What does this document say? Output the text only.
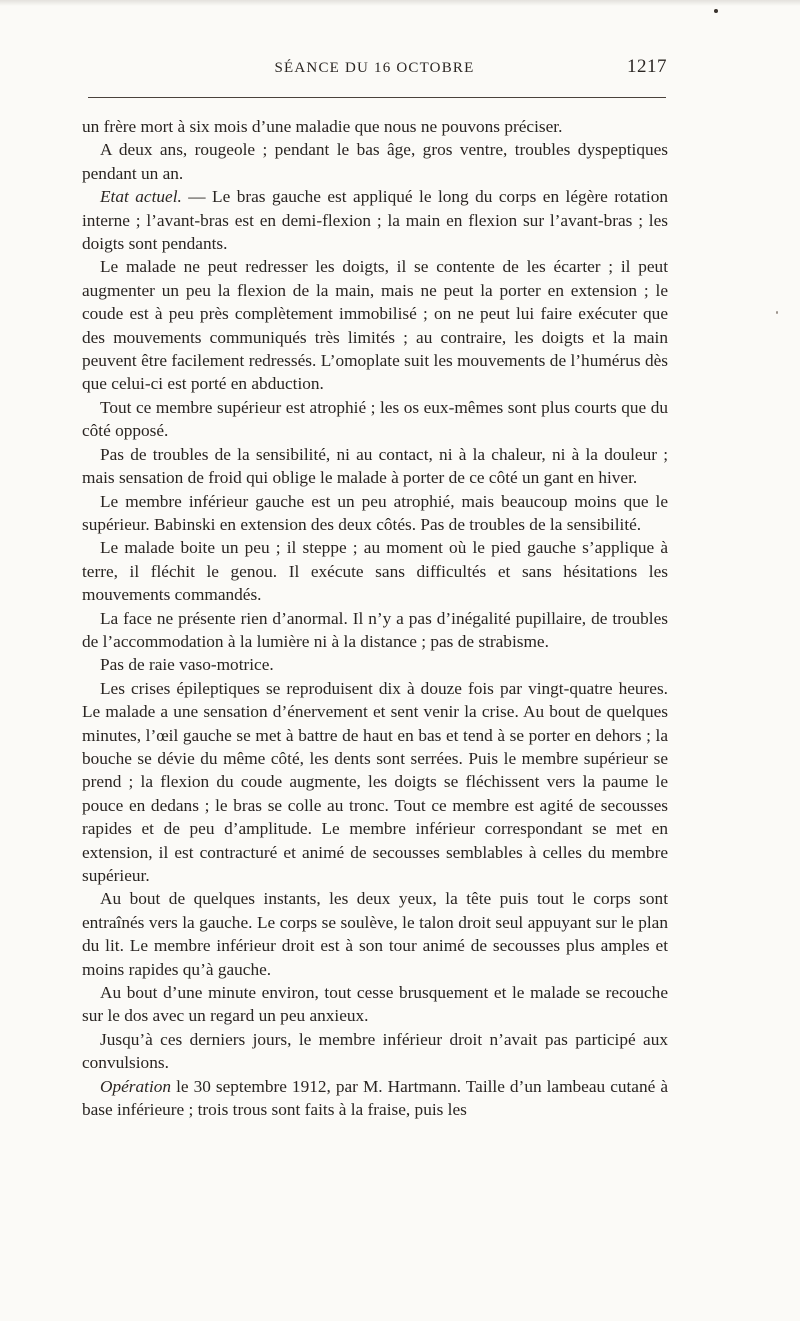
SÉANCE DU 16 OCTOBRE	1217

un frère mort à six mois d’une maladie que nous ne pouvons préciser.

A deux ans, rougeole ; pendant le bas âge, gros ventre, troubles dyspeptiques pendant un an.

Etat actuel. — Le bras gauche est appliqué le long du corps en légère rotation interne ; l’avant-bras est en demi-flexion ; la main en flexion sur l’avant-bras ; les doigts sont pendants.

Le malade ne peut redresser les doigts, il se contente de les écarter ; il peut augmenter un peu la flexion de la main, mais ne peut la porter en extension ; le coude est à peu près complètement immobilisé ; on ne peut lui faire exécuter que des mouvements communiqués très limités ; au contraire, les doigts et la main peuvent être facilement redressés. L’omoplate suit les mouvements de l’humérus dès que celui-ci est porté en abduction.

Tout ce membre supérieur est atrophié ; les os eux-mêmes sont plus courts que du côté opposé.

Pas de troubles de la sensibilité, ni au contact, ni à la chaleur, ni à la douleur ; mais sensation de froid qui oblige le malade à porter de ce côté un gant en hiver.

Le membre inférieur gauche est un peu atrophié, mais beaucoup moins que le supérieur. Babinski en extension des deux côtés. Pas de troubles de la sensibilité.

Le malade boite un peu ; il steppe ; au moment où le pied gauche s’applique à terre, il fléchit le genou. Il exécute sans difficultés et sans hésitations les mouvements commandés.

La face ne présente rien d’anormal. Il n’y a pas d’inégalité pupillaire, de troubles de l’accommodation à la lumière ni à la distance ; pas de strabisme.

Pas de raie vaso-motrice.

Les crises épileptiques se reproduisent dix à douze fois par vingt-quatre heures. Le malade a une sensation d’énervement et sent venir la crise. Au bout de quelques minutes, l’œil gauche se met à battre de haut en bas et tend à se porter en dehors ; la bouche se dévie du même côté, les dents sont serrées. Puis le membre supérieur se prend ; la flexion du coude augmente, les doigts se fléchissent vers la paume le pouce en dedans ; le bras se colle au tronc. Tout ce membre est agité de secousses rapides et de peu d’amplitude. Le membre inférieur correspondant se met en extension, il est contracturé et animé de secousses semblables à celles du membre supérieur.

Au bout de quelques instants, les deux yeux, la tête puis tout le corps sont entraînés vers la gauche. Le corps se soulève, le talon droit seul appuyant sur le plan du lit. Le membre inférieur droit est à son tour animé de secousses plus amples et moins rapides qu’à gauche.

Au bout d’une minute environ, tout cesse brusquement et le malade se recouche sur le dos avec un regard un peu anxieux.

Jusqu’à ces derniers jours, le membre inférieur droit n’avait pas participé aux convulsions.

Opération le 30 septembre 1912, par M. Hartmann. Taille d’un lambeau cutané à base inférieure ; trois trous sont faits à la fraise, puis les
